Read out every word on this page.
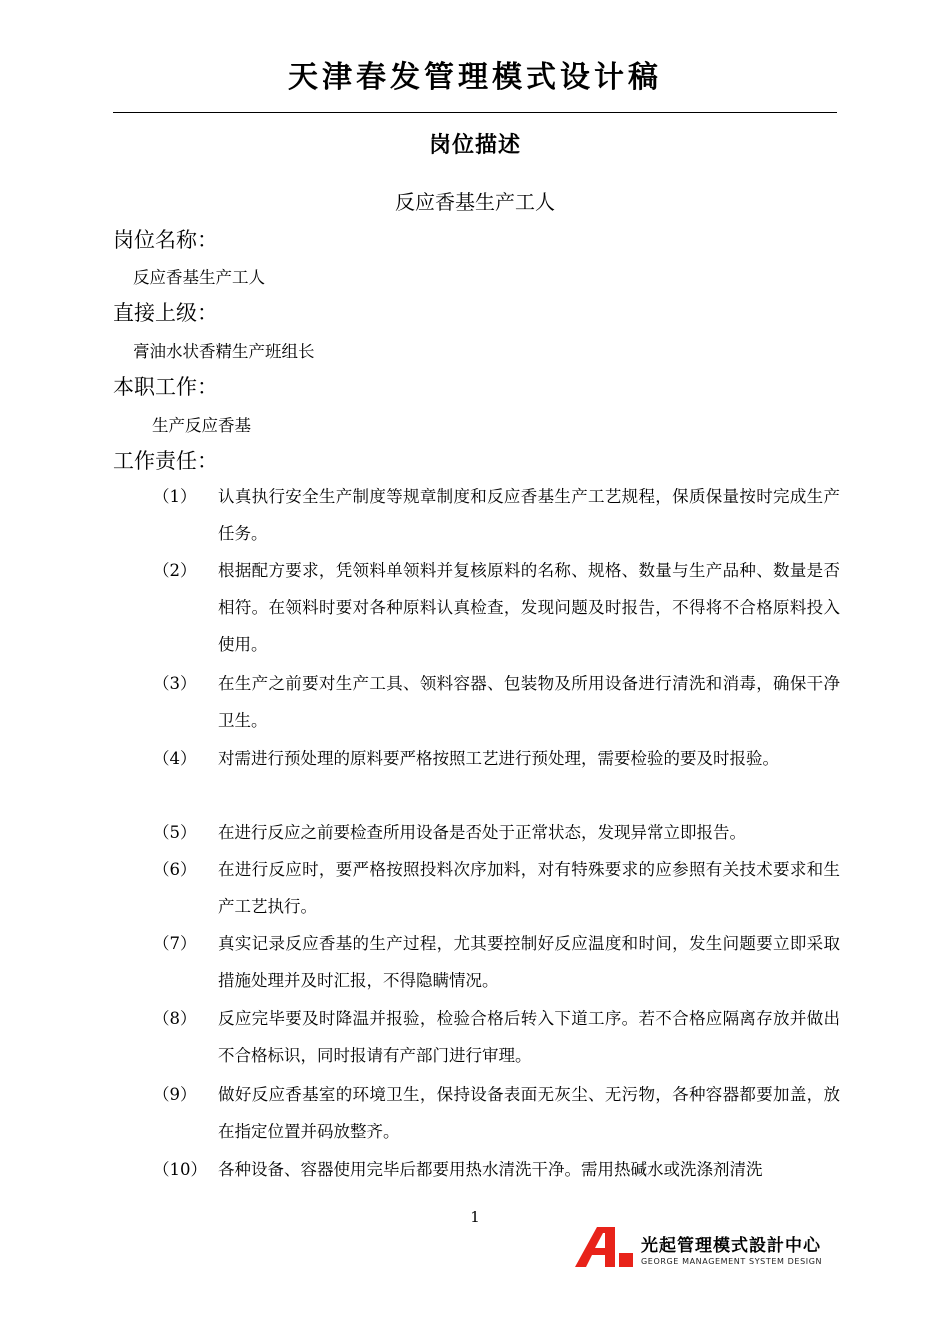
天津春发管理模式设计稿
岗位描述
反应香基生产工人
岗位名称：
反应香基生产工人
直接上级：
膏油水状香精生产班组长
本职工作：
生产反应香基
工作责任：
（1）	认真执行安全生产制度等规章制度和反应香基生产工艺规程，保质保量按时完成生产任务。
（2）	根据配方要求，凭领料单领料并复核原料的名称、规格、数量与生产品种、数量是否相符。在领料时要对各种原料认真检查，发现问题及时报告，不得将不合格原料投入使用。
（3）	在生产之前要对生产工具、领料容器、包装物及所用设备进行清洗和消毒，确保干净卫生。
（4）	对需进行预处理的原料要严格按照工艺进行预处理，需要检验的要及时报验。
（5）	在进行反应之前要检查所用设备是否处于正常状态，发现异常立即报告。
（6）	在进行反应时，要严格按照投料次序加料，对有特殊要求的应参照有关技术要求和生产工艺执行。
（7）	真实记录反应香基的生产过程，尤其要控制好反应温度和时间，发生问题要立即采取措施处理并及时汇报，不得隐瞒情况。
（8）	反应完毕要及时降温并报验，检验合格后转入下道工序。若不合格应隔离存放并做出不合格标识，同时报请有产部门进行审理。
（9）	做好反应香基室的环境卫生，保持设备表面无灰尘、无污物，各种容器都要加盖，放在指定位置并码放整齐。
（10） 各种设备、容器使用完毕后都要用热水清洗干净。需用热碱水或洗涤剂清洗
1
光起管理模式設計中心
GEORGE MANAGEMENT SYSTEM DESIGN
